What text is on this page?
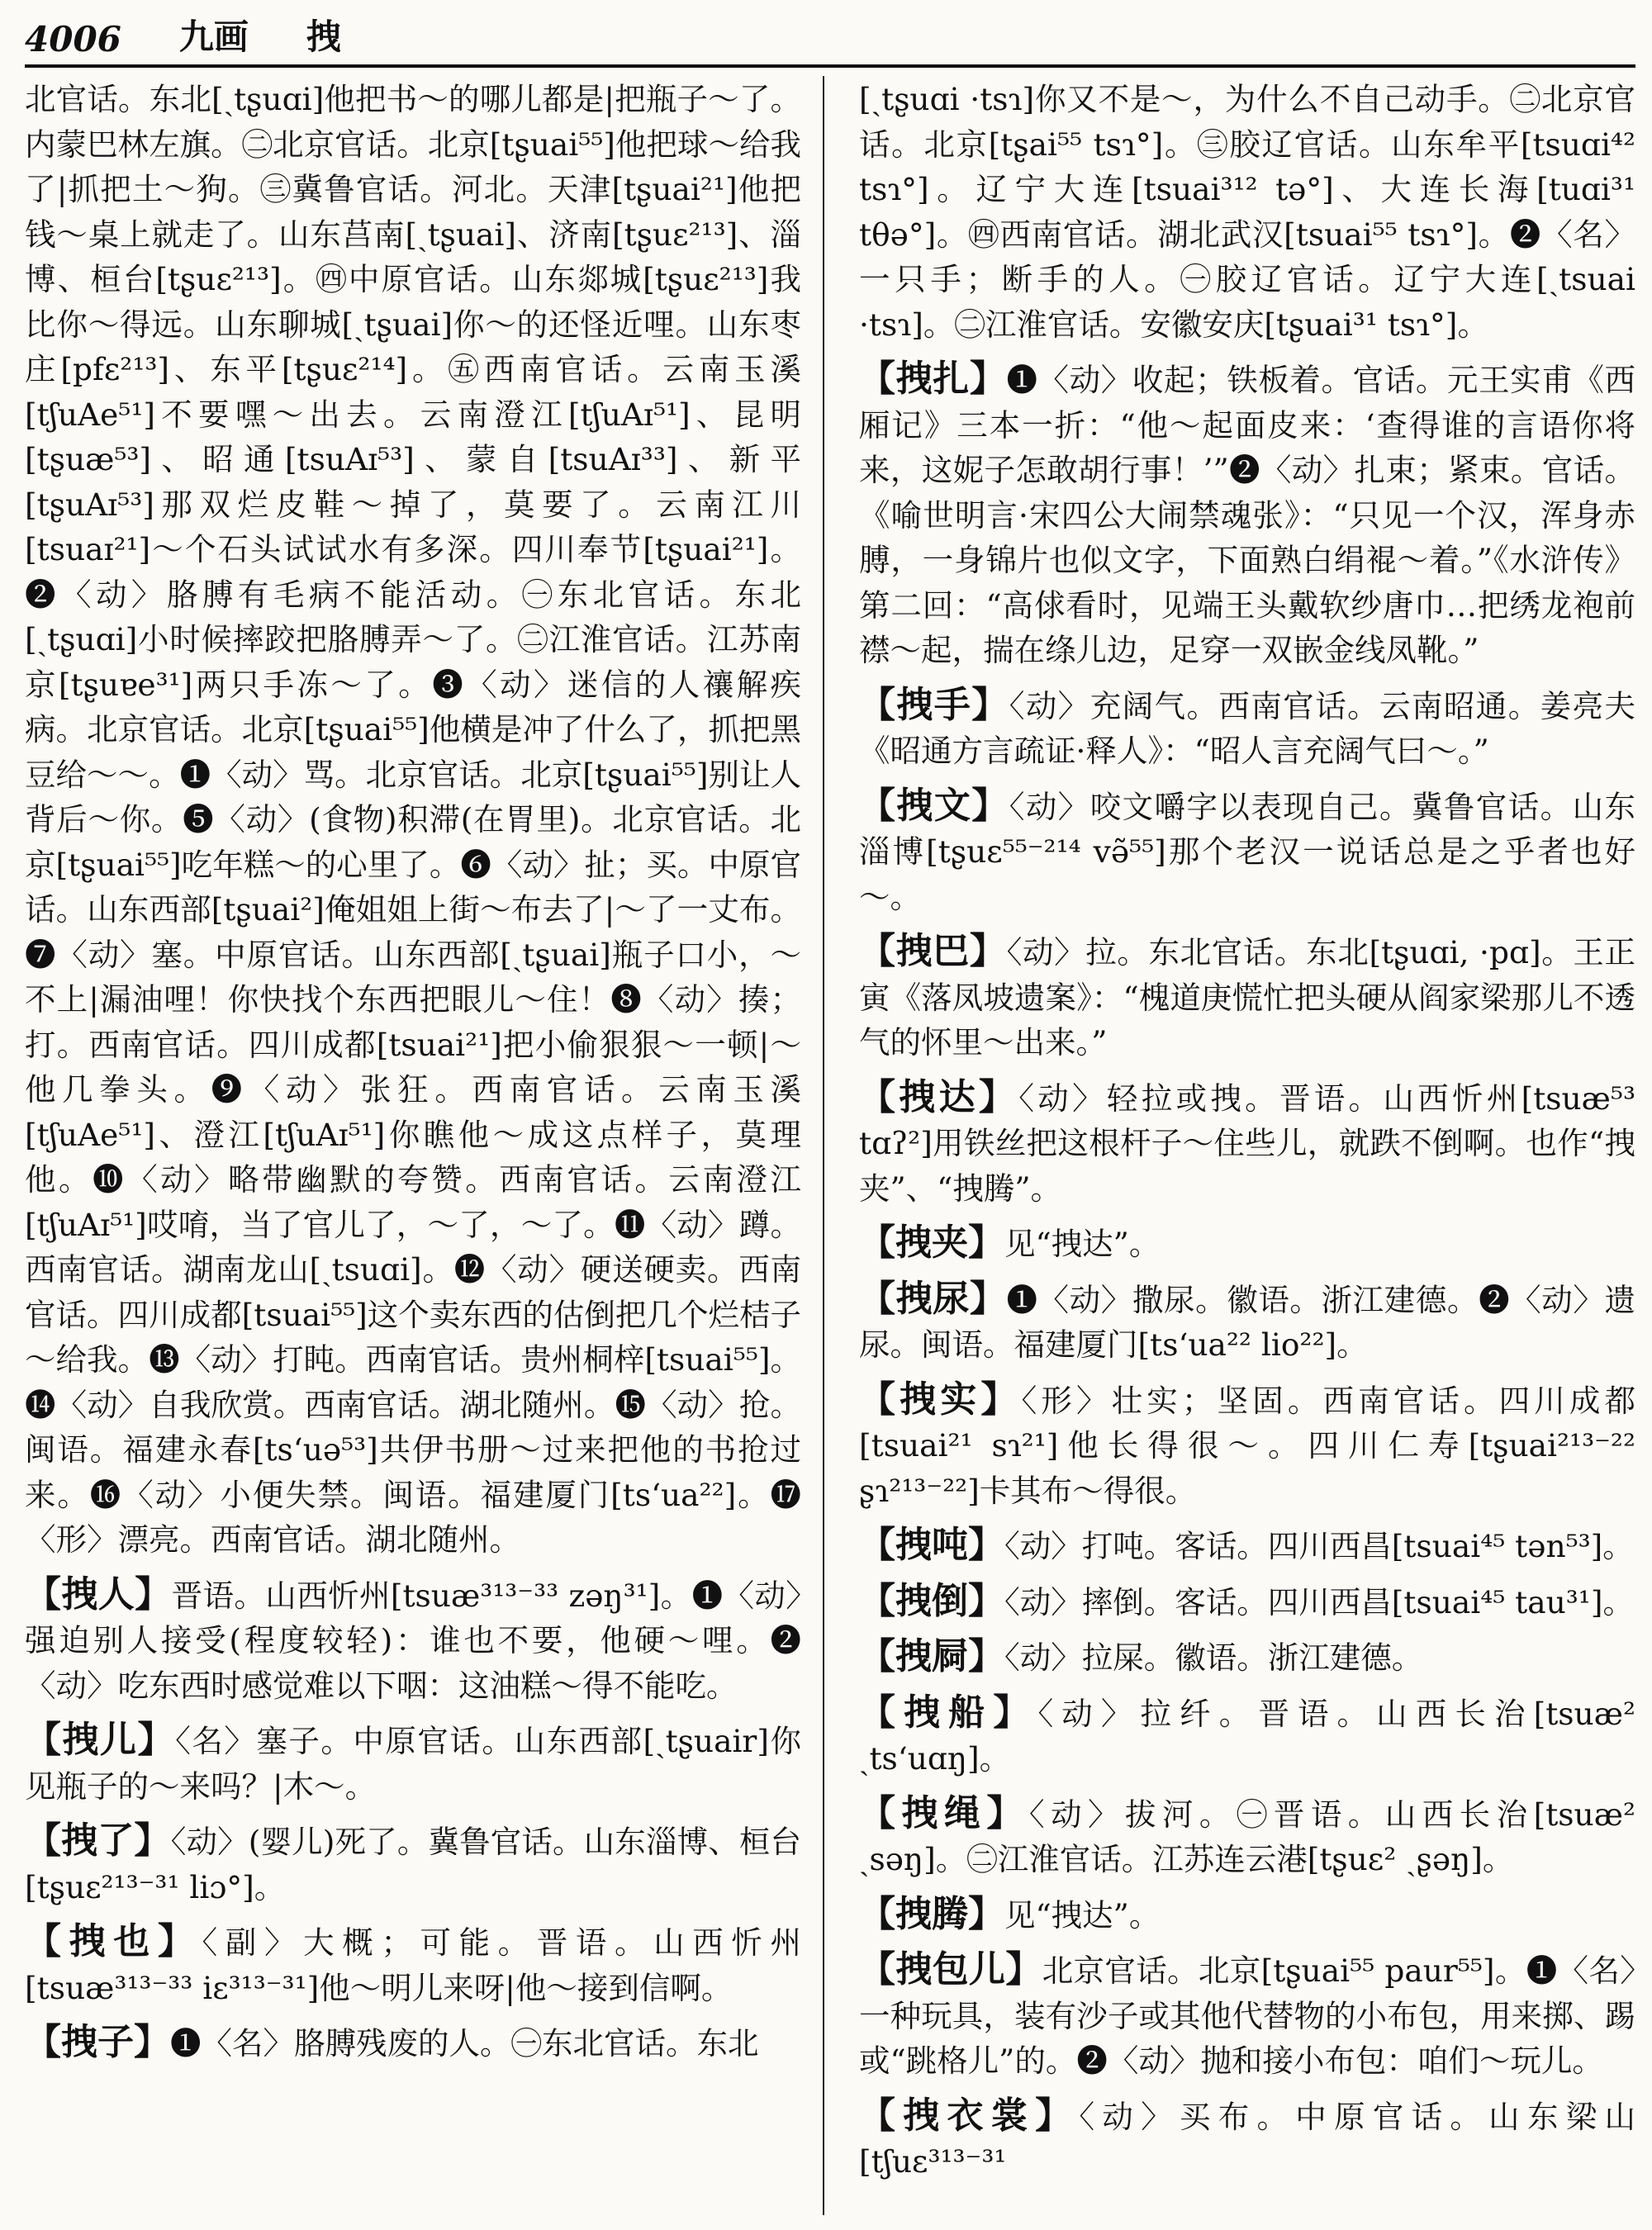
4006 九画 拽

北官话。东北[ˏtʂuɑi]他把书～的哪儿都是|把瓶子～了。内蒙巴林左旗。㊁北京官话。北京[tʂuai⁵⁵]他把球～给我了|抓把土～狗。㊂冀鲁官话。河北。天津[tʂuai²¹]他把钱～桌上就走了。山东莒南[ˏtʂuai]、济南[tʂuɛ²¹³]、淄博、桓台[tʂuɛ²¹³]。㊃中原官话。山东郯城[tʂuɛ²¹³]我比你～得远。山东聊城[ˏtʂuai]你～的还怪近哩。山东枣庄[pfɛ²¹³]、东平[tʂuɛ²¹⁴]。㊄西南官话。云南玉溪[tʃuAe⁵¹]不要嘿～出去。云南澄江[tʃuAɪ⁵¹]、昆明[tʂuæ⁵³]、昭通[tsuAɪ⁵³]、蒙自[tsuAɪ³³]、新平[tʂuAɪ⁵³]那双烂皮鞋～掉了，莫要了。云南江川[tsuaɪ²¹]～个石头试试水有多深。四川奉节[tʂuai²¹]。❷〈动〉胳膊有毛病不能活动。㊀东北官话。东北[ˏtʂuɑi]小时候摔跤把胳膊弄～了。㊁江淮官话。江苏南京[tʂuɐe³¹]两只手冻～了。❸〈动〉迷信的人禳解疾病。北京官话。北京[tʂuai⁵⁵]他横是冲了什么了，抓把黑豆给～～。❶〈动〉骂。北京官话。北京[tʂuai⁵⁵]别让人背后～你。❺〈动〉(食物)积滞(在胃里)。北京官话。北京[tʂuai⁵⁵]吃年糕～的心里了。❻〈动〉扯；买。中原官话。山东西部[tʂuai²]俺姐姐上街～布去了|～了一丈布。❼〈动〉塞。中原官话。山东西部[ˏtʂuai]瓶子口小，～不上|漏油哩！你快找个东西把眼儿～住！❽〈动〉揍；打。西南官话。四川成都[tsuai²¹]把小偷狠狠～一顿|～他几拳头。❾〈动〉张狂。西南官话。云南玉溪[tʃuAe⁵¹]、澄江[tʃuAɪ⁵¹]你瞧他～成这点样子，莫理他。❿〈动〉略带幽默的夸赞。西南官话。云南澄江[tʃuAɪ⁵¹]哎唷，当了官儿了，～了，～了。⓫〈动〉蹲。西南官话。湖南龙山[ˏtsuɑi]。⓬〈动〉硬送硬卖。西南官话。四川成都[tsuai⁵⁵]这个卖东西的估倒把几个烂桔子～给我。⓭〈动〉打盹。西南官话。贵州桐梓[tsuai⁵⁵]。⓮〈动〉自我欣赏。西南官话。湖北随州。⓯〈动〉抢。闽语。福建永春[tsʻuə⁵³]共伊书册～过来把他的书抢过来。⓰〈动〉小便失禁。闽语。福建厦门[tsʻua²²]。⓱〈形〉漂亮。西南官话。湖北随州。

【拽人】晋语。山西忻州[tsuæ³¹³⁻³³ zəŋ³¹]。❶〈动〉强迫别人接受(程度较轻)：谁也不要，他硬～哩。❷〈动〉吃东西时感觉难以下咽：这油糕～得不能吃。

【拽儿】〈名〉塞子。中原官话。山东西部[ˏtʂuair]你见瓶子的～来吗？|木～。

【拽了】〈动〉(婴儿)死了。冀鲁官话。山东淄博、桓台[tʂuɛ²¹³⁻³¹ liɔ°]。

【拽也】〈副〉大概；可能。晋语。山西忻州[tsuæ³¹³⁻³³ iɛ³¹³⁻³¹]他～明儿来呀|他～接到信啊。

【拽子】❶〈名〉胳膊残废的人。㊀东北官话。东北

[ˏtʂuɑi ·tsɿ]你又不是～，为什么不自己动手。㊁北京官话。北京[tʂai⁵⁵ tsɿ°]。㊂胶辽官话。山东牟平[tsuɑi⁴² tsɿ°]。辽宁大连[tsuai³¹² tə°]、大连长海[tuɑi³¹ tθə°]。㊃西南官话。湖北武汉[tsuai⁵⁵ tsɿ°]。❷〈名〉一只手；断手的人。㊀胶辽官话。辽宁大连[ˏtsuai ·tsɿ]。㊁江淮官话。安徽安庆[tʂuai³¹ tsɿ°]。

【拽扎】❶〈动〉收起；铁板着。官话。元王实甫《西厢记》三本一折：“他～起面皮来：‘查得谁的言语你将来，这妮子怎敢胡行事！’”❷〈动〉扎束；紧束。官话。《喻世明言·宋四公大闹禁魂张》：“只见一个汉，浑身赤膊，一身锦片也似文字，下面熟白绢裩～着。”《水浒传》第二回：“高俅看时，见端王头戴软纱唐巾…把绣龙袍前襟～起，揣在绦儿边，足穿一双嵌金线凤靴。”

【拽手】〈动〉充阔气。西南官话。云南昭通。姜亮夫《昭通方言疏证·释人》：“昭人言充阔气曰～。”

【拽文】〈动〉咬文嚼字以表现自己。冀鲁官话。山东淄博[tʂuɛ⁵⁵⁻²¹⁴ və̃⁵⁵]那个老汉一说话总是之乎者也好～。

【拽巴】〈动〉拉。东北官话。东北[tʂuɑi, ·pɑ]。王正寅《落凤坡遗案》：“槐道庚慌忙把头硬从阎家梁那儿不透气的怀里～出来。”

【拽达】〈动〉轻拉或拽。晋语。山西忻州[tsuæ⁵³ tɑʔ²]用铁丝把这根杆子～住些儿，就跌不倒啊。也作“拽夹”、“拽腾”。

【拽夹】见“拽达”。

【拽尿】❶〈动〉撒尿。徽语。浙江建德。❷〈动〉遗尿。闽语。福建厦门[tsʻua²² lio²²]。

【拽实】〈形〉壮实；坚固。西南官话。四川成都[tsuai²¹ sɿ²¹]他长得很～。四川仁寿[tʂuai²¹³⁻²² ʂɿ²¹³⁻²²]卡其布～得很。

【拽吨】〈动〉打吨。客话。四川西昌[tsuai⁴⁵ tən⁵³]。

【拽倒】〈动〉摔倒。客话。四川西昌[tsuai⁴⁵ tau³¹]。

【拽屙】〈动〉拉屎。徽语。浙江建德。

【拽船】〈动〉拉纤。晋语。山西长治[tsuæ² ˏtsʻuɑŋ]。

【拽绳】〈动〉拔河。㊀晋语。山西长治[tsuæ² ˏsəŋ]。㊁江淮官话。江苏连云港[tʂuɛ² ˏʂəŋ]。

【拽腾】见“拽达”。

【拽包儿】北京官话。北京[tʂuai⁵⁵ paur⁵⁵]。❶〈名〉一种玩具，装有沙子或其他代替物的小布包，用来掷、踢或“跳格儿”的。❷〈动〉抛和接小布包：咱们～玩儿。

【拽衣裳】〈动〉买布。中原官话。山东梁山[tʃuɛ³¹³⁻³¹
